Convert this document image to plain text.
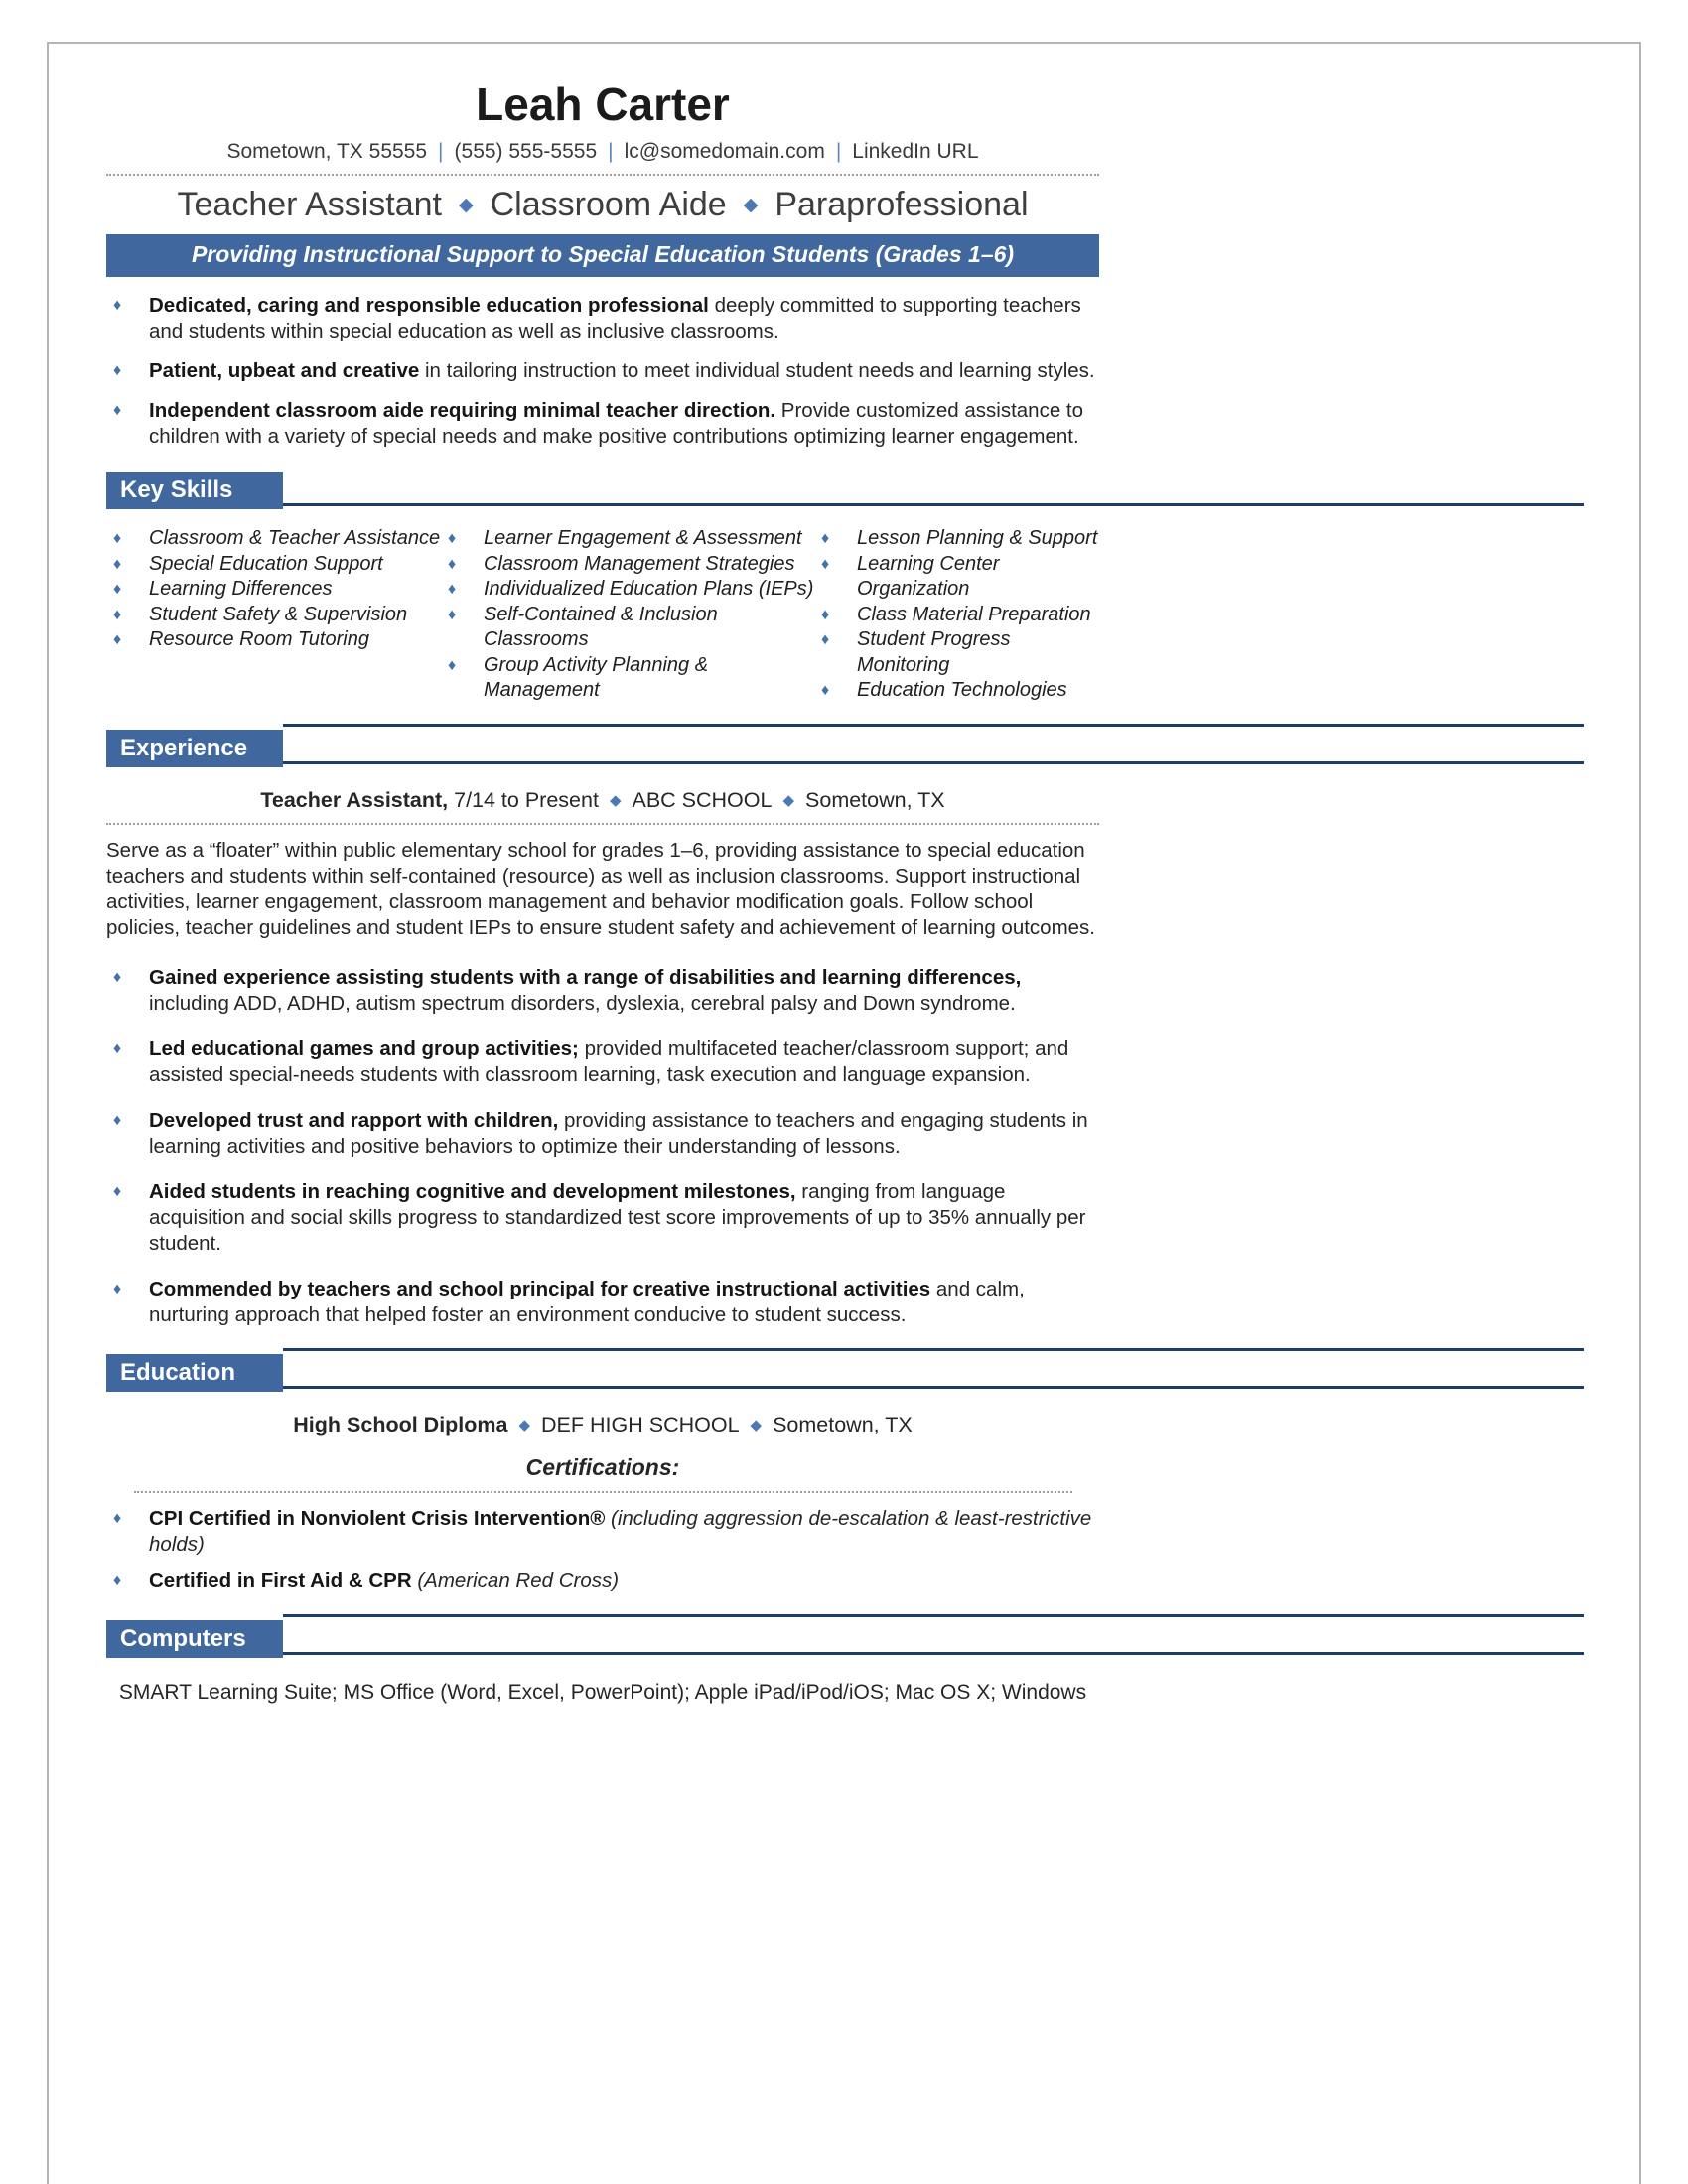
Leah Carter
Sometown, TX 55555 | (555) 555-5555 | lc@somedomain.com | LinkedIn URL
Teacher Assistant ◆ Classroom Aide ◆ Paraprofessional
Providing Instructional Support to Special Education Students (Grades 1–6)
♦	Dedicated, caring and responsible education professional deeply committed to supporting teachers and students within special education as well as inclusive classrooms.

♦	Patient, upbeat and creative in tailoring instruction to meet individual student needs and learning styles.

♦	Independent classroom aide requiring minimal teacher direction. Provide customized assistance to children with a variety of special needs and make positive contributions optimizing learner engagement.

Key Skills
♦	Classroom & Teacher Assistance
♦	Special Education Support
♦	Learning Differences
♦	Student Safety & Supervision
♦	Resource Room Tutoring
♦	Learner Engagement & Assessment
♦	Classroom Management Strategies
♦	Individualized Education Plans (IEPs)
♦	Self-Contained & Inclusion Classrooms
♦	Group Activity Planning & Management
♦	Lesson Planning & Support
♦	Learning Center Organization
♦	Class Material Preparation
♦	Student Progress Monitoring
♦	Education Technologies
Experience
Teacher Assistant, 7/14 to Present ◆ ABC SCHOOL ◆ Sometown, TX

Serve as a “floater” within public elementary school for grades 1–6, providing assistance to special education teachers and students within self-contained (resource) as well as inclusion classrooms. Support instructional activities, learner engagement, classroom management and behavior modification goals. Follow school policies, teacher guidelines and student IEPs to ensure student safety and achievement of learning outcomes.

♦	Gained experience assisting students with a range of disabilities and learning differences, including ADD, ADHD, autism spectrum disorders, dyslexia, cerebral palsy and Down syndrome.

♦	Led educational games and group activities; provided multifaceted teacher/classroom support; and assisted special-needs students with classroom learning, task execution and language expansion.

♦	Developed trust and rapport with children, providing assistance to teachers and engaging students in learning activities and positive behaviors to optimize their understanding of lessons.

♦	Aided students in reaching cognitive and development milestones, ranging from language acquisition and social skills progress to standardized test score improvements of up to 35% annually per student.

♦	Commended by teachers and school principal for creative instructional activities and calm, nurturing approach that helped foster an environment conducive to student success.

Education
High School Diploma ◆ DEF HIGH SCHOOL ◆ Sometown, TX
Certifications:
♦	CPI Certified in Nonviolent Crisis Intervention® (including aggression de-escalation & least-restrictive holds)

♦	Certified in First Aid & CPR (American Red Cross)

Computers
SMART Learning Suite; MS Office (Word, Excel, PowerPoint); Apple iPad/iPod/iOS; Mac OS X; Windows
